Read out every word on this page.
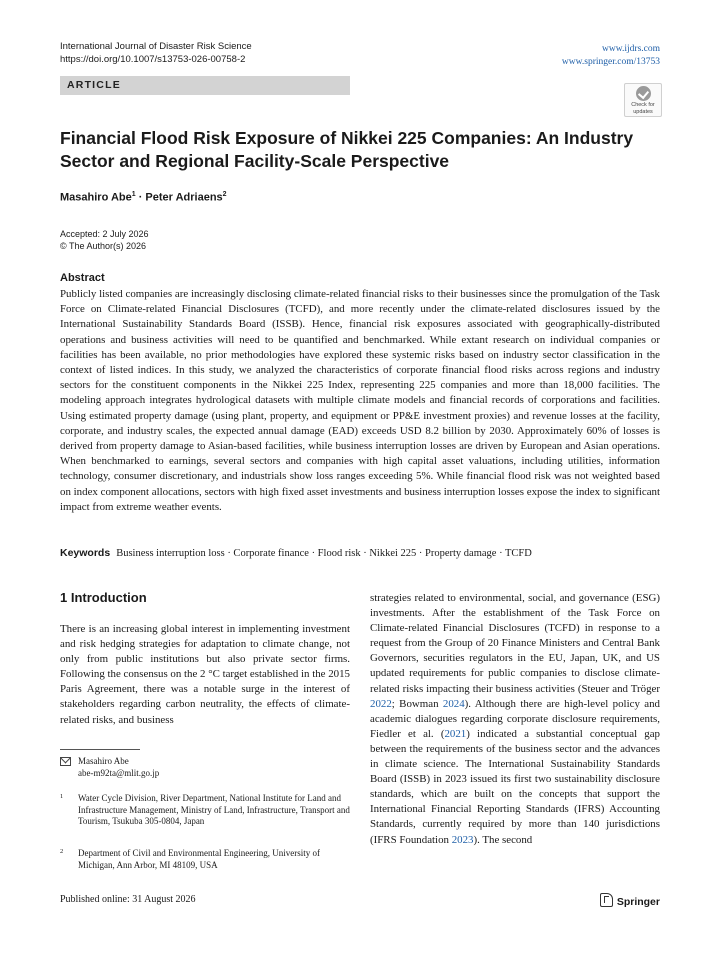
International Journal of Disaster Risk Science
https://doi.org/10.1007/s13753-026-00758-2
www.ijdrs.com
www.springer.com/13753
ARTICLE
Check for
updates
Financial Flood Risk Exposure of Nikkei 225 Companies: An Industry Sector and Regional Facility-Scale Perspective
Masahiro Abe$^1$ · Peter Adriaens$^2$
Accepted: 2 July 2026
© The Author(s) 2026
Abstract
Publicly listed companies are increasingly disclosing climate-related financial risks to their businesses since the promulgation of the Task Force on Climate-related Financial Disclosures (TCFD), and more recently under the climate-related disclosures issued by the International Sustainability Standards Board (ISSB). Hence, financial risk exposures associated with geographically-distributed operations and business activities will need to be quantified and benchmarked. While extant research on individual companies or facilities has been available, no prior methodologies have explored these systemic risks based on industry sector classification in the context of listed indices. In this study, we analyzed the characteristics of corporate financial flood risks across regions and industry sectors for the constituent components in the Nikkei 225 Index, representing 225 companies and more than 18,000 facilities. The modeling approach integrates hydrological datasets with multiple climate models and financial records of corporations and facilities. Using estimated property damage (using plant, property, and equipment or PP&E investment proxies) and revenue losses at the facility, corporate, and industry scales, the expected annual damage (EAD) exceeds USD 8.2 billion by 2030. Approximately 60% of losses is derived from property damage to Asian-based facilities, while business interruption losses are driven by European and Asian operations. When benchmarked to earnings, several sectors and companies with high capital asset valuations, including utilities, information technology, consumer discretionary, and industrials show loss ranges exceeding 5%. While financial flood risk was not weighted based on index component allocations, sectors with high fixed asset investments and business interruption losses expose the index to significant impact from extreme weather events.
Keywords Business interruption loss · Corporate finance · Flood risk · Nikkei 225 · Property damage · TCFD
1 Introduction
There is an increasing global interest in implementing investment and risk hedging strategies for adaptation to climate change, not only from public institutions but also private sector firms. Following the consensus on the 2 °C target established in the 2015 Paris Agreement, there was a notable surge in the interest of stakeholders regarding carbon neutrality, the effects of climate-related risks, and business
strategies related to environmental, social, and governance (ESG) investments. After the establishment of the Task Force on Climate-related Financial Disclosures (TCFD) in response to a request from the Group of 20 Finance Ministers and Central Bank Governors, securities regulators in the EU, Japan, UK, and US updated requirements for public companies to disclose climate-related risks impacting their business activities (Steuer and Tröger 2022; Bowman 2024). Although there are high-level policy and academic dialogues regarding corporate disclosure requirements, Fiedler et al. (2021) indicated a substantial conceptual gap between the requirements of the business sector and the advances in climate science. The International Sustainability Standards Board (ISSB) in 2023 issued its first two sustainability disclosure standards, which are built on the concepts that support the International Financial Reporting Standards (IFRS) Accounting Standards, currently required by more than 140 jurisdictions (IFRS Foundation 2023). The second
Masahiro Abe
abe-m92ta@mlit.go.jp
1 Water Cycle Division, River Department, National Institute for Land and Infrastructure Management, Ministry of Land, Infrastructure, Transport and Tourism, Tsukuba 305-0804, Japan
2 Department of Civil and Environmental Engineering, University of Michigan, Ann Arbor, MI 48109, USA
Published online: 31 August 2026	Springer
